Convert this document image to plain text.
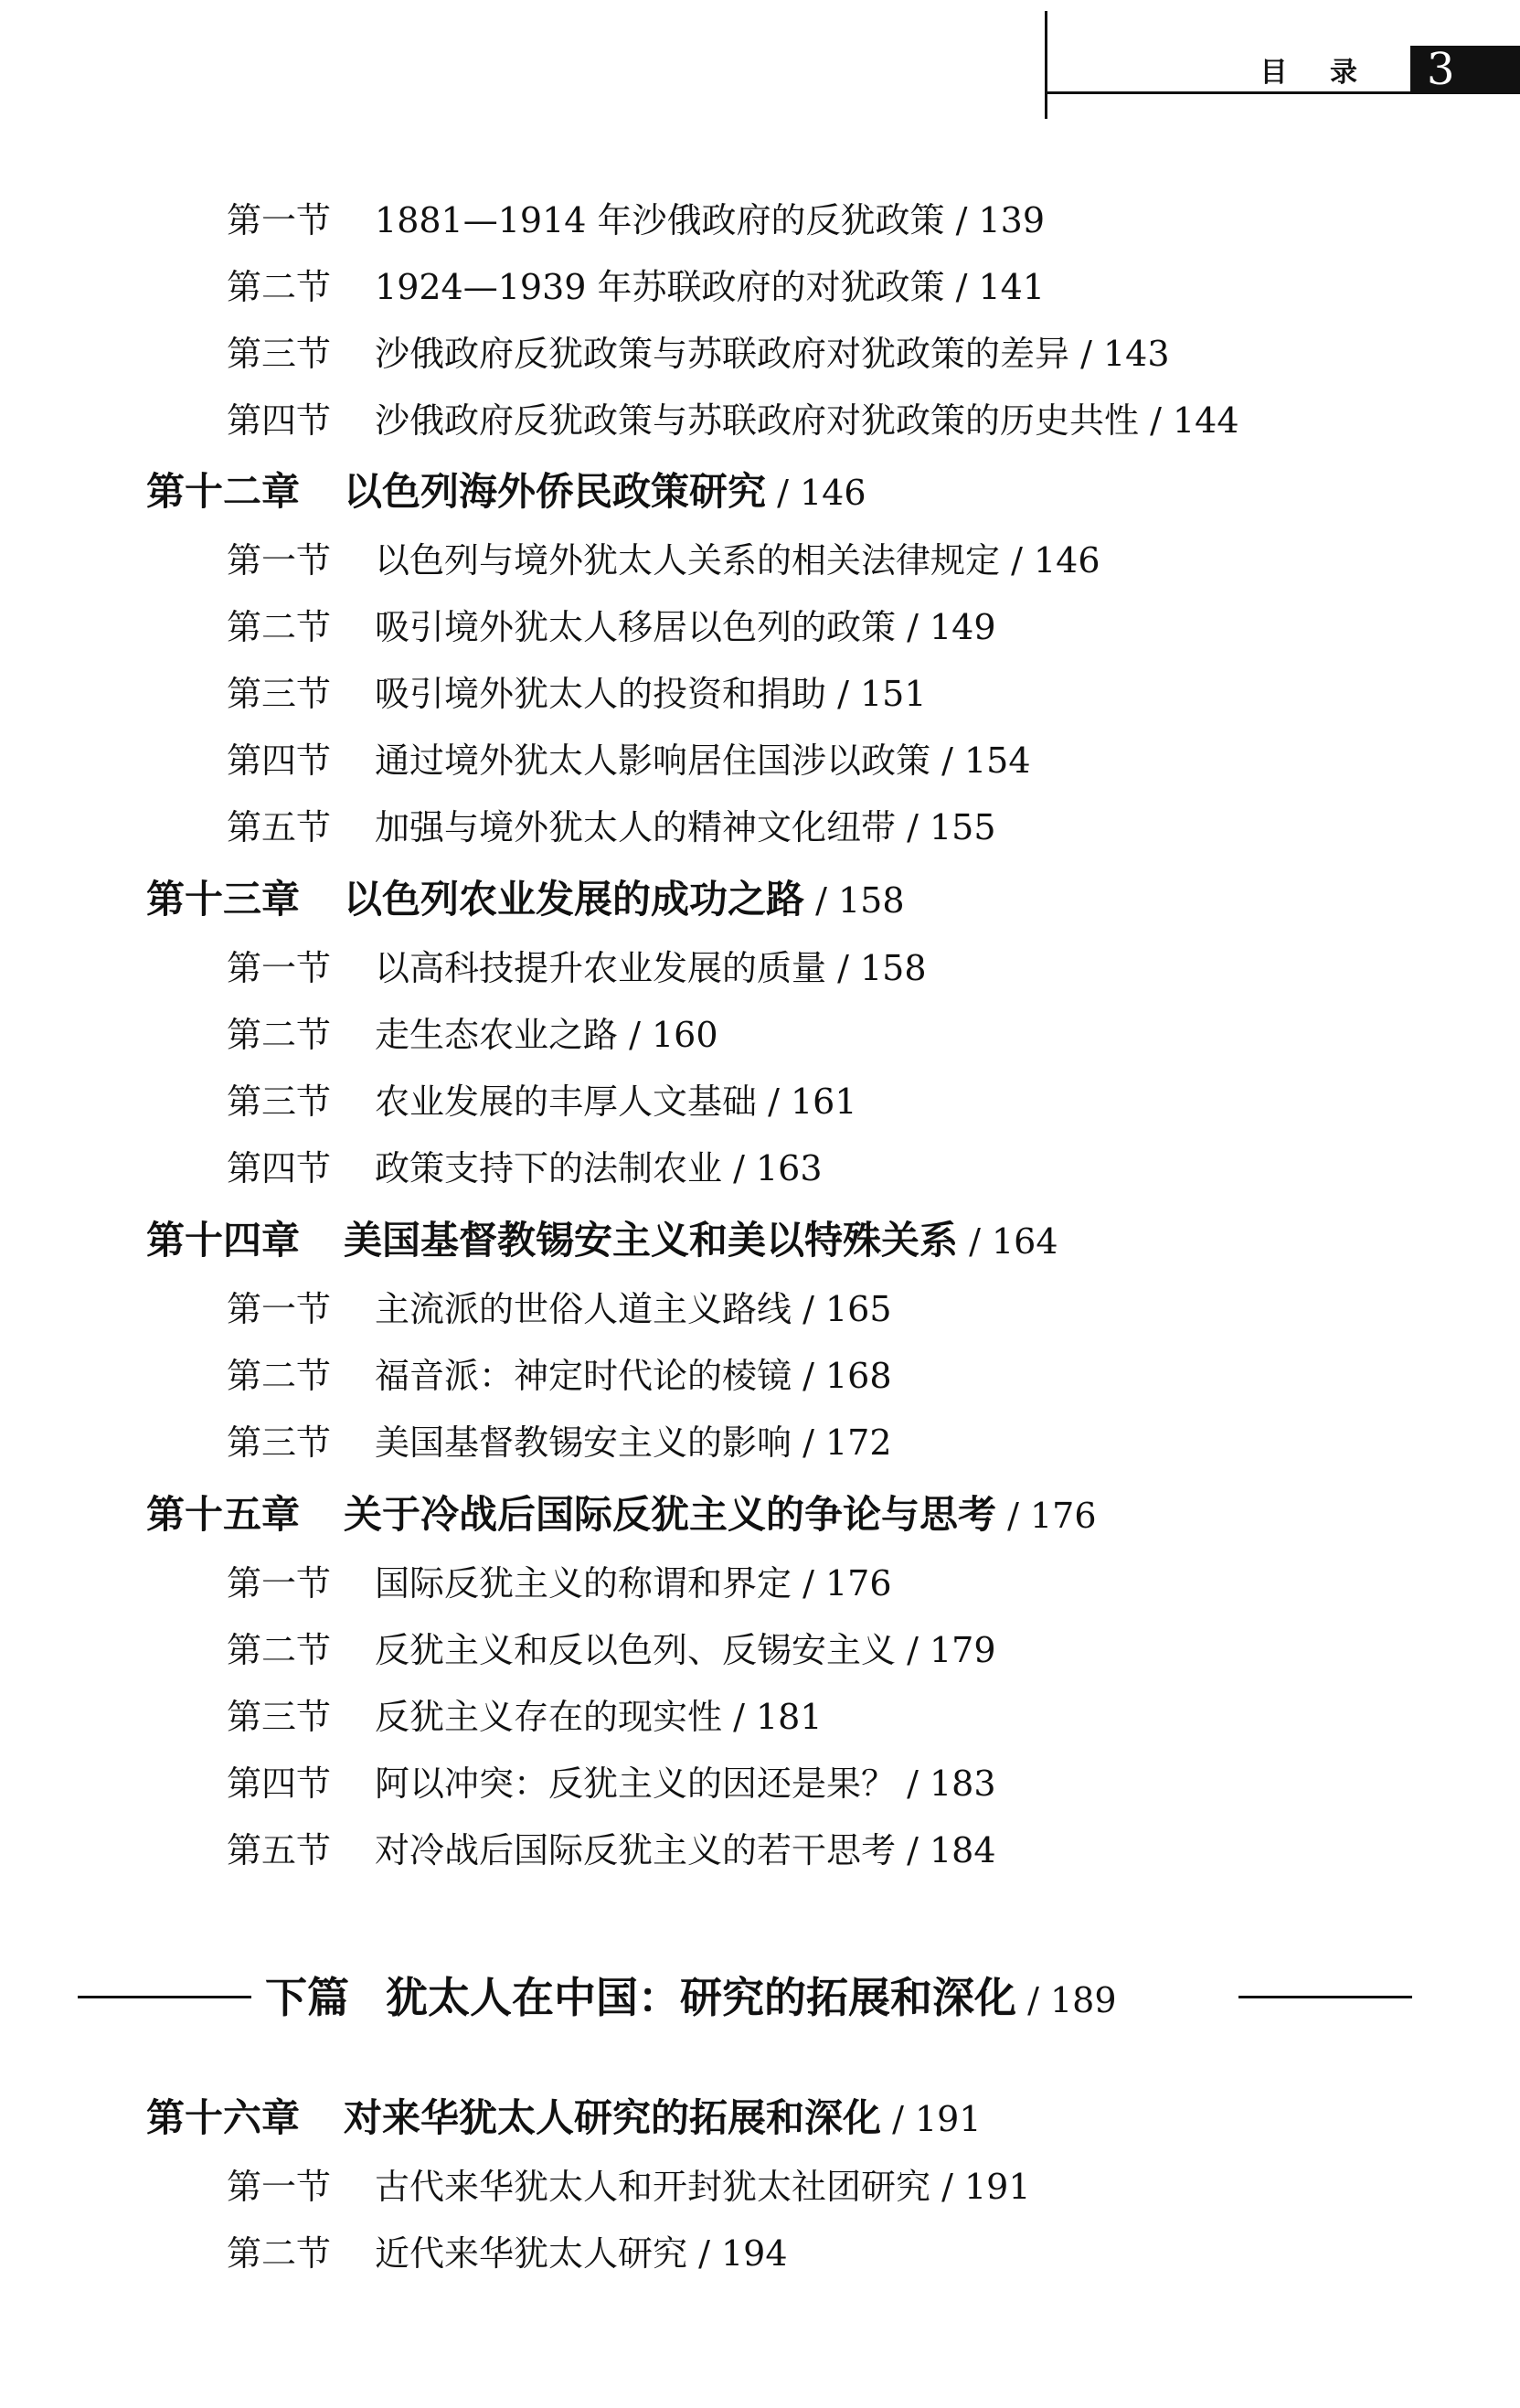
目 录 3
第一节 1881—1914 年沙俄政府的反犹政策 / 139
第二节 1924—1939 年苏联政府的对犹政策 / 141
第三节 沙俄政府反犹政策与苏联政府对犹政策的差异 / 143
第四节 沙俄政府反犹政策与苏联政府对犹政策的历史共性 / 144
第十二章 以色列海外侨民政策研究 / 146
第一节 以色列与境外犹太人关系的相关法律规定 / 146
第二节 吸引境外犹太人移居以色列的政策 / 149
第三节 吸引境外犹太人的投资和捐助 / 151
第四节 通过境外犹太人影响居住国涉以政策 / 154
第五节 加强与境外犹太人的精神文化纽带 / 155
第十三章 以色列农业发展的成功之路 / 158
第一节 以高科技提升农业发展的质量 / 158
第二节 走生态农业之路 / 160
第三节 农业发展的丰厚人文基础 / 161
第四节 政策支持下的法制农业 / 163
第十四章 美国基督教锡安主义和美以特殊关系 / 164
第一节 主流派的世俗人道主义路线 / 165
第二节 福音派：神定时代论的棱镜 / 168
第三节 美国基督教锡安主义的影响 / 172
第十五章 关于冷战后国际反犹主义的争论与思考 / 176
第一节 国际反犹主义的称谓和界定 / 176
第二节 反犹主义和反以色列、反锡安主义 / 179
第三节 反犹主义存在的现实性 / 181
第四节 阿以冲突：反犹主义的因还是果？ / 183
第五节 对冷战后国际反犹主义的若干思考 / 184
第十六章 对来华犹太人研究的拓展和深化 / 191
第一节 古代来华犹太人和开封犹太社团研究 / 191
第二节 近代来华犹太人研究 / 194
下篇 犹太人在中国：研究的拓展和深化 / 189
